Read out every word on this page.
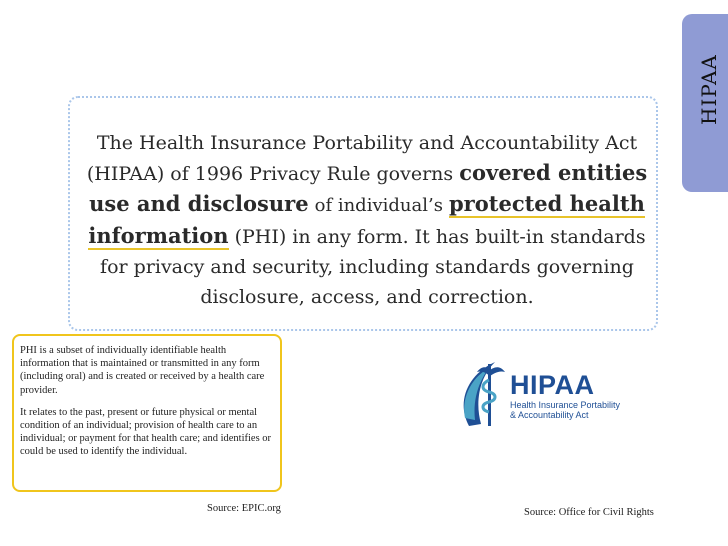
HIPAA

The Health Insurance Portability and Accountability Act (HIPAA) of 1996 Privacy Rule governs covered entities use and disclosure of individual’s protected health information (PHI) in any form. It has built-in standards for privacy and security, including standards governing disclosure, access, and correction.

PHI is a subset of individually identifiable health information that is maintained or transmitted in any form (including oral) and is created or received by a health care provider.

It relates to the past, present or future physical or mental condition of an individual; provision of health care to an individual; or payment for that health care; and identifies or could be used to identify the individual.

HIPAA
Health Insurance Portability
& Accountability Act
Source: EPIC.org	Source: Office for Civil Rights
